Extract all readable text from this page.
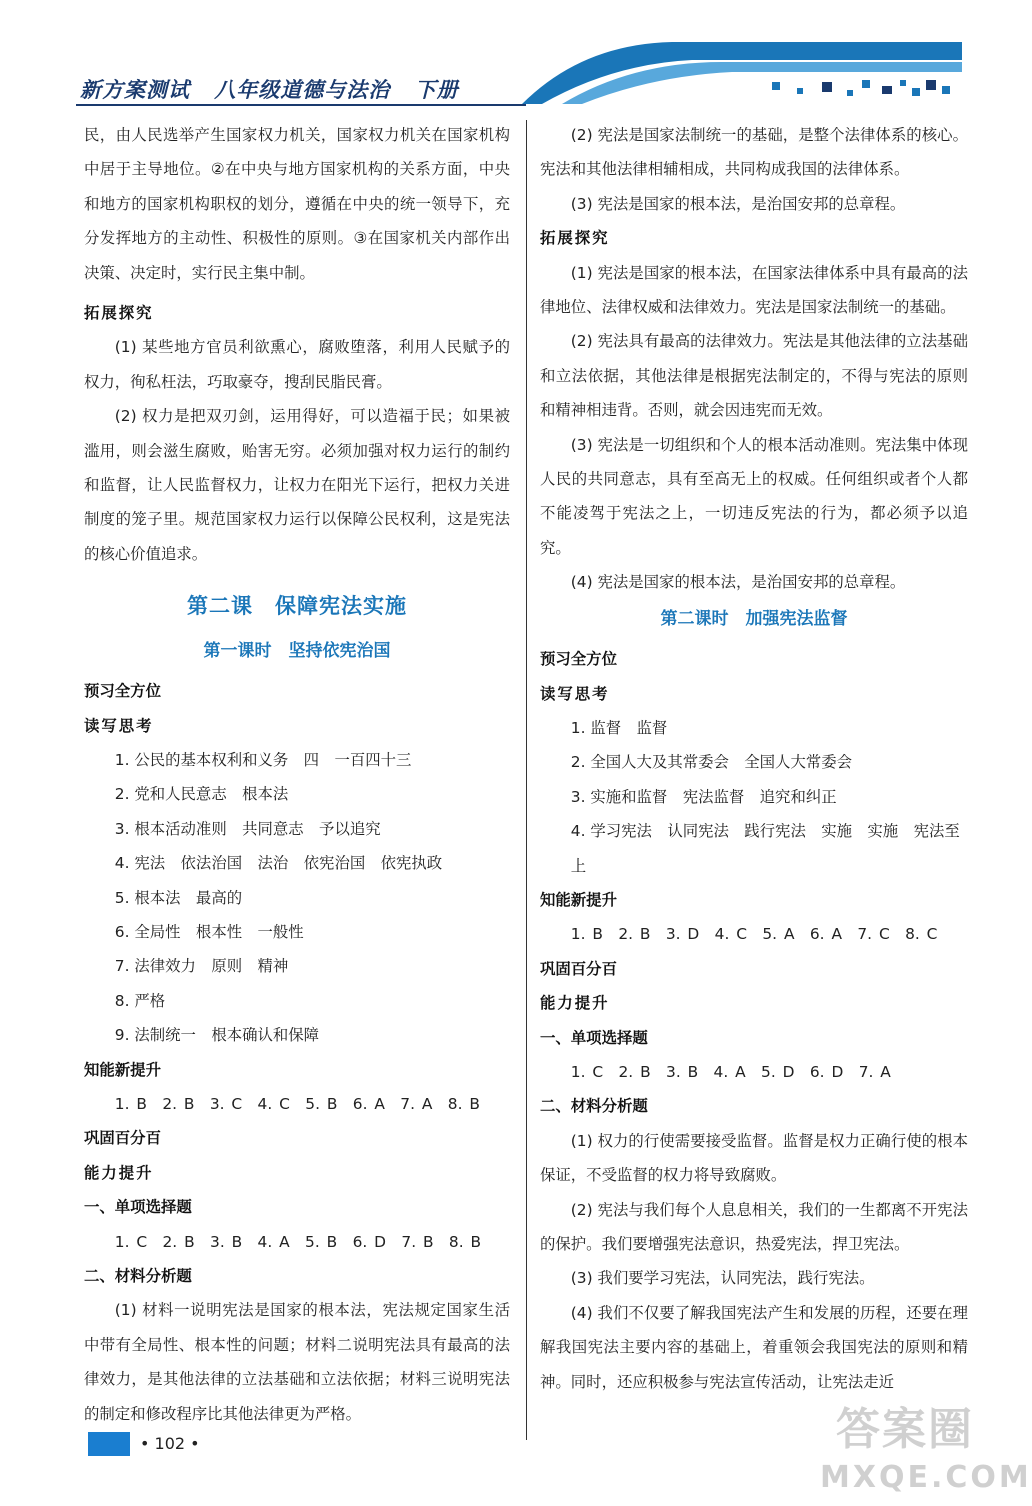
新方案测试 八年级道德与法治 下册

民，由人民选举产生国家权力机关，国家权力机关在国家机构中居于主导地位。②在中央与地方国家机构的关系方面，中央和地方的国家机构职权的划分，遵循在中央的统一领导下，充分发挥地方的主动性、积极性的原则。③在国家机关内部作出决策、决定时，实行民主集中制。

拓展探究

(1) 某些地方官员利欲熏心，腐败堕落，利用人民赋予的权力，徇私枉法，巧取豪夺，搜刮民脂民膏。

(2) 权力是把双刃剑，运用得好，可以造福于民；如果被滥用，则会滋生腐败，贻害无穷。必须加强对权力运行的制约和监督，让人民监督权力，让权力在阳光下运行，把权力关进制度的笼子里。规范国家权力运行以保障公民权利，这是宪法的核心价值追求。

第二课　保障宪法实施

第一课时　坚持依宪治国

预习全方位

读写思考

1. 公民的基本权利和义务　四　一百四十三

2. 党和人民意志　根本法

3. 根本活动准则　共同意志　予以追究

4. 宪法　依法治国　法治　依宪治国　依宪执政

5. 根本法　最高的

6. 全局性　根本性　一般性

7. 法律效力　原则　精神

8. 严格

9. 法制统一　根本确认和保障

知能新提升

1. B　2. B　3. C　4. C　5. B　6. A　7. A　8. B

巩固百分百

能力提升

一、单项选择题

1. C　2. B　3. B　4. A　5. B　6. D　7. B　8. B

二、材料分析题

(1) 材料一说明宪法是国家的根本法，宪法规定国家生活中带有全局性、根本性的问题；材料二说明宪法具有最高的法律效力，是其他法律的立法基础和立法依据；材料三说明宪法的制定和修改程序比其他法律更为严格。

(2) 宪法是国家法制统一的基础，是整个法律体系的核心。宪法和其他法律相辅相成，共同构成我国的法律体系。

(3) 宪法是国家的根本法，是治国安邦的总章程。

拓展探究

(1) 宪法是国家的根本法，在国家法律体系中具有最高的法律地位、法律权威和法律效力。宪法是国家法制统一的基础。

(2) 宪法具有最高的法律效力。宪法是其他法律的立法基础和立法依据，其他法律是根据宪法制定的，不得与宪法的原则和精神相违背。否则，就会因违宪而无效。

(3) 宪法是一切组织和个人的根本活动准则。宪法集中体现人民的共同意志，具有至高无上的权威。任何组织或者个人都不能凌驾于宪法之上，一切违反宪法的行为，都必须予以追究。

(4) 宪法是国家的根本法，是治国安邦的总章程。

第二课时　加强宪法监督

预习全方位

读写思考

1. 监督　监督

2. 全国人大及其常委会　全国人大常委会

3. 实施和监督　宪法监督　追究和纠正

4. 学习宪法　认同宪法　践行宪法　实施　实施　宪法至上

知能新提升

1. B　2. B　3. D　4. C　5. A　6. A　7. C　8. C

巩固百分百

能力提升

一、单项选择题

1. C　2. B　3. B　4. A　5. D　6. D　7. A

二、材料分析题

(1) 权力的行使需要接受监督。监督是权力正确行使的根本保证，不受监督的权力将导致腐败。

(2) 宪法与我们每个人息息相关，我们的一生都离不开宪法的保护。我们要增强宪法意识，热爱宪法，捍卫宪法。

(3) 我们要学习宪法，认同宪法，践行宪法。

(4) 我们不仅要了解我国宪法产生和发展的历程，还要在理解我国宪法主要内容的基础上，着重领会我国宪法的原则和精神。同时，还应积极参与宪法宣传活动，让宪法走近

• 102 •	答案圈
MXQE.COM
